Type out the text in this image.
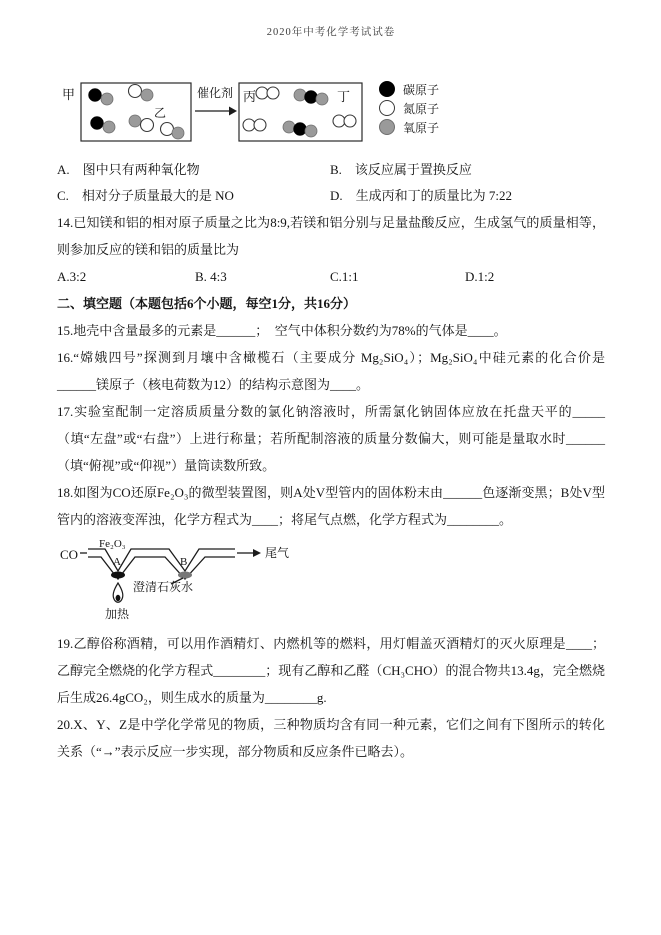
2020年中考化学考试试卷
甲
乙
催化剂 丙	丁	碳原子
氮原子
氧原子
A. 图中只有两种氧化物	B. 该反应属于置换反应
C. 相对分子质量最大的是 NO	D. 生成丙和丁的质量比为 7:22

14.已知镁和铝的相对原子质量之比为8:9,若镁和铝分别与足量盐酸反应，生成氢气的质量相等，则参加反应的镁和铝的质量比为

A.3:2	B. 4:3	C.1:1	D.1:2

二、填空题（本题包括6个小题，每空1分，共16分）

15.地壳中含量最多的元素是______；　空气中体积分数约为78%的气体是____。

16.“嫦娥四号”探测到月壤中含橄榄石（主要成分 Mg₂SiO₄）；Mg₂SiO₄中硅元素的化合价是______镁原子（核电荷数为12）的结构示意图为____。

17.实验室配制一定溶质质量分数的氯化钠溶液时，所需氯化钠固体应放在托盘天平的_____（填“左盘”或“右盘”）上进行称量；若所配制溶液的质量分数偏大，则可能是量取水时______（填“俯视”或“仰视”）量筒读数所致。

18.如图为CO还原Fe₂O₃的微型装置图，则A处V型管内的固体粉末由______色逐渐变黑；B处V型管内的溶液变浑浊，化学方程式为____；将尾气点燃，化学方程式为________。

CO
Fe₂O₃
A	B
尾气
澄清石灰水
加热

19.乙醇俗称酒精，可以用作酒精灯、内燃机等的燃料，用灯帽盖灭酒精灯的灭火原理是____；乙醇完全燃烧的化学方程式________；现有乙醇和乙醛（CH₃CHO）的混合物共13.4g，完全燃烧后生成26.4gCO₂，则生成水的质量为________g.

20.X、Y、Z是中学化学常见的物质，三种物质均含有同一种元素，它们之间有下图所示的转化关系（“→”表示反应一步实现，部分物质和反应条件已略去）。
